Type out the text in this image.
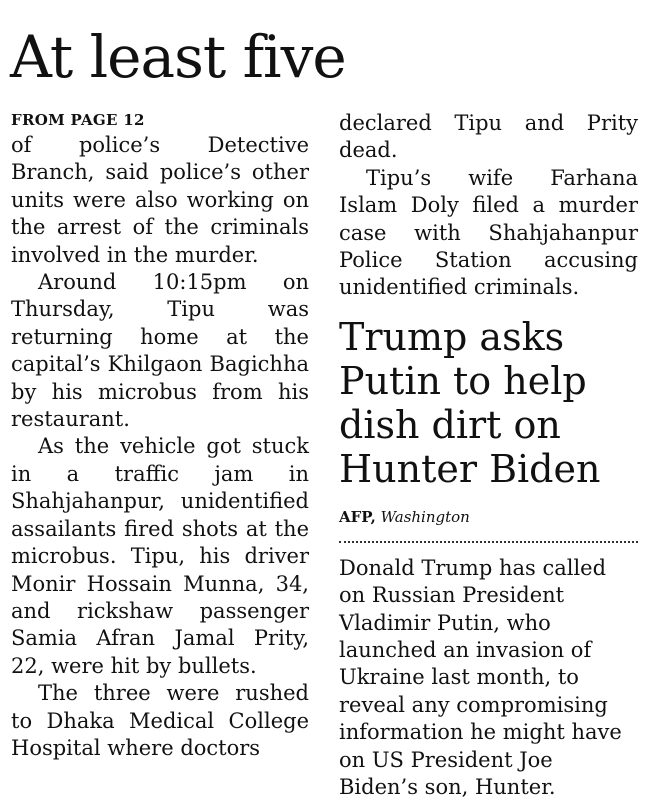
At least five

FROM PAGE 12

of police’s Detective Branch, said police’s other units were also working on the arrest of the criminals involved in the murder.

Around 10:15pm on Thursday, Tipu was returning home at the capital’s Khilgaon Bagichha by his microbus from his restaurant.

As the vehicle got stuck in a traffic jam in Shahjahanpur, unidentified assailants fired shots at the microbus. Tipu, his driver Monir Hossain Munna, 34, and rickshaw passenger Samia Afran Jamal Prity, 22, were hit by bullets.

The three were rushed to Dhaka Medical College Hospital where doctors

declared Tipu and Prity dead.

Tipu’s wife Farhana Islam Doly filed a murder case with Shahjahanpur Police Station accusing unidentified criminals.

Trump asks Putin to help dish dirt on Hunter Biden

AFP, Washington

Donald Trump has called on Russian President Vladimir Putin, who launched an invasion of Ukraine last month, to reveal any compromising information he might have on US President Joe Biden’s son, Hunter.
